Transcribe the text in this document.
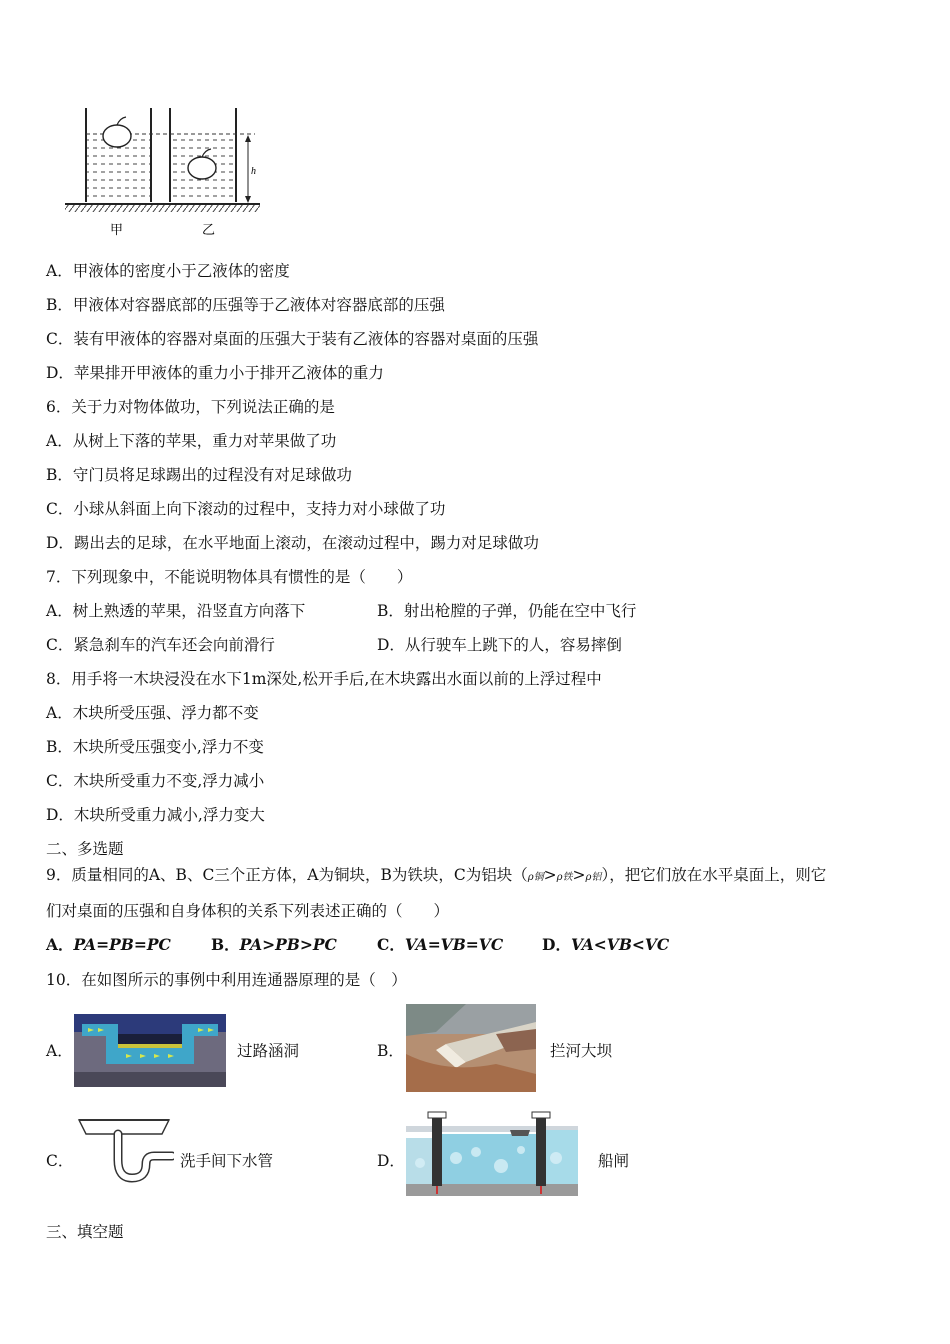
h
甲	乙
A．甲液体的密度小于乙液体的密度
B．甲液体对容器底部的压强等于乙液体对容器底部的压强
C．装有甲液体的容器对桌面的压强大于装有乙液体的容器对桌面的压强
D．苹果排开甲液体的重力小于排开乙液体的重力
6．关于力对物体做功，下列说法正确的是
A．从树上下落的苹果，重力对苹果做了功
B．守门员将足球踢出的过程没有对足球做功
C．小球从斜面上向下滚动的过程中，支持力对小球做了功
D．踢出去的足球，在水平地面上滚动，在滚动过程中，踢力对足球做功
7．下列现象中，不能说明物体具有惯性的是（　　）
A．树上熟透的苹果，沿竖直方向落下	B．射出枪膛的子弹，仍能在空中飞行
C．紧急刹车的汽车还会向前滑行	D．从行驶车上跳下的人，容易摔倒
8．用手将一木块浸没在水下1m深处,松开手后,在木块露出水面以前的上浮过程中
A．木块所受压强、浮力都不变
B．木块所受压强变小,浮力不变
C．木块所受重力不变,浮力减小
D．木块所受重力减小,浮力变大
二、多选题
9．质量相同的A、B、C三个正方体，A为铜块，B为铁块，C为铝块（ρ铜>ρ铁>ρ铝），把它们放在水平桌面上，则它
们对桌面的压强和自身体积的关系下列表述正确的（　　）
A．PA=PB=PC	B．PA>PB>PC	C．VA=VB=VC	D．VA<VB<VC
10．在如图所示的事例中利用连通器原理的是（　）
A．	过路涵洞	B．	拦河大坝
C．	洗手间下水管	D．	船闸
三、填空题
